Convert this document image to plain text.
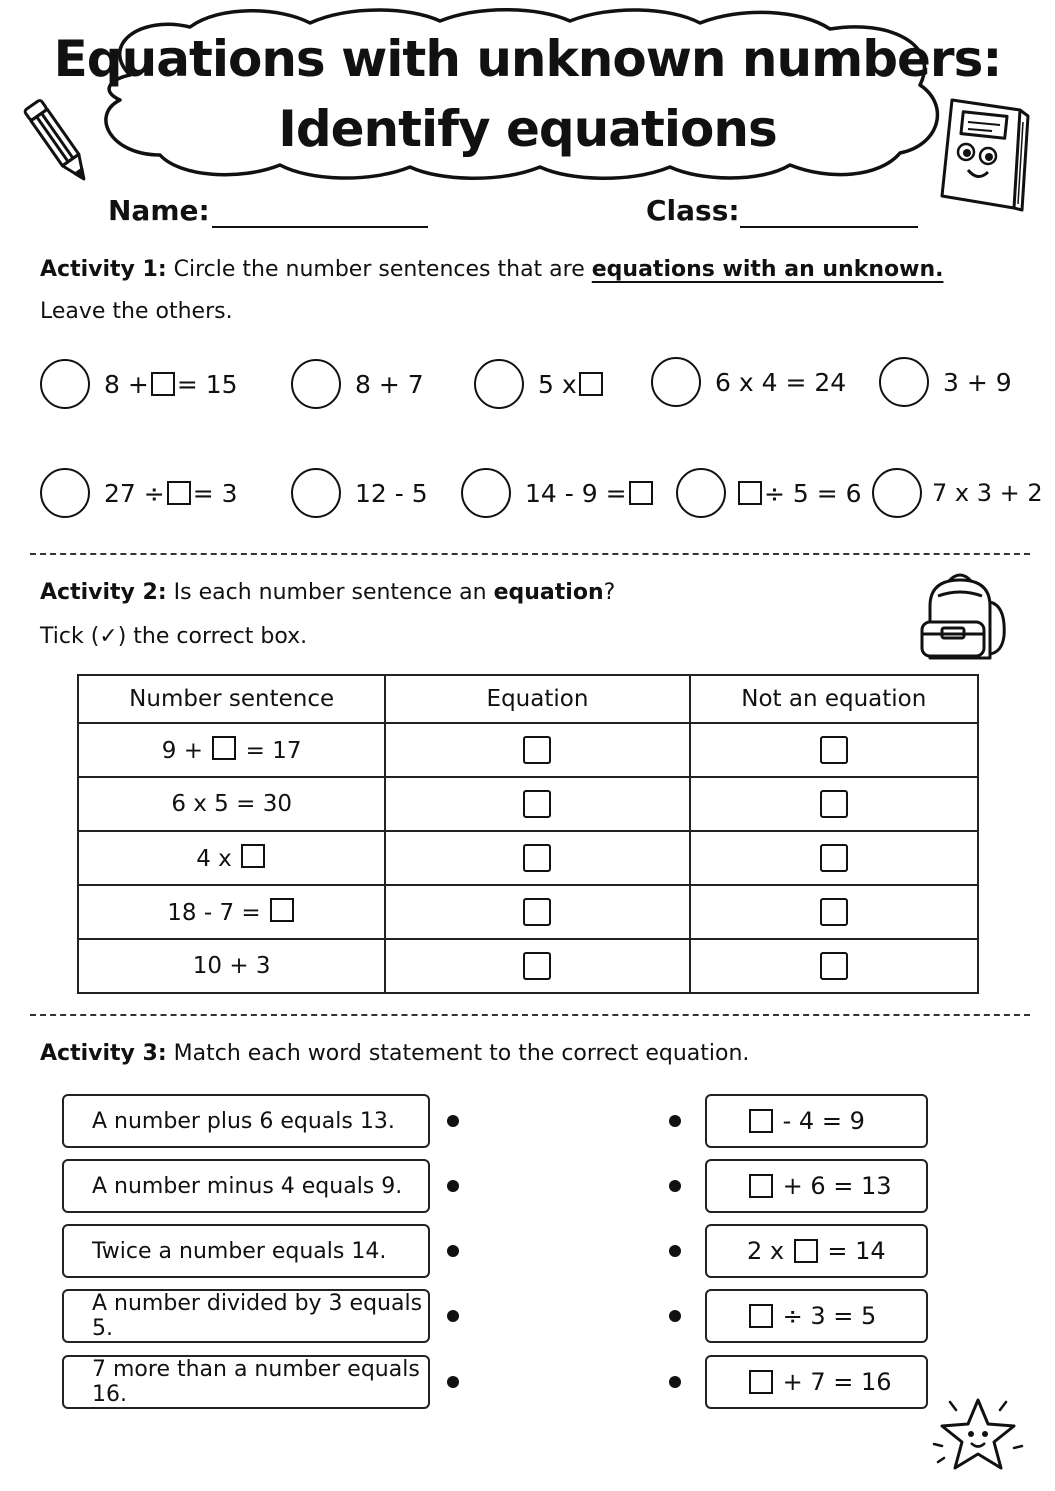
Equations with unknown numbers:
Identify equations
Name:	Class:
Activity 1: Circle the number sentences that are equations with an unknown.
Leave the others.
8 + = 15	8 + 7	5 x	6 x 4 = 24	3 + 9
27 ÷ = 3	12 - 5	14 - 9 =	÷ 5 = 6	7 x 3 + 2
Activity 2: Is each number sentence an equation?
Tick (✓) the correct box.
Number sentence	Equation	Not an equation
9 + = 17		
6 x 5 = 30		
4 x		
18 - 7 =		
10 + 3		
Activity 3: Match each word statement to the correct equation.
A number plus 6 equals 13.
A number minus 4 equals 9.
Twice a number equals 14.
A number divided by 3 equals 5.
7 more than a number equals 16.

- 4 = 9

+ 6 = 13
2 x

= 14

÷ 3 = 5

+ 7 = 16
